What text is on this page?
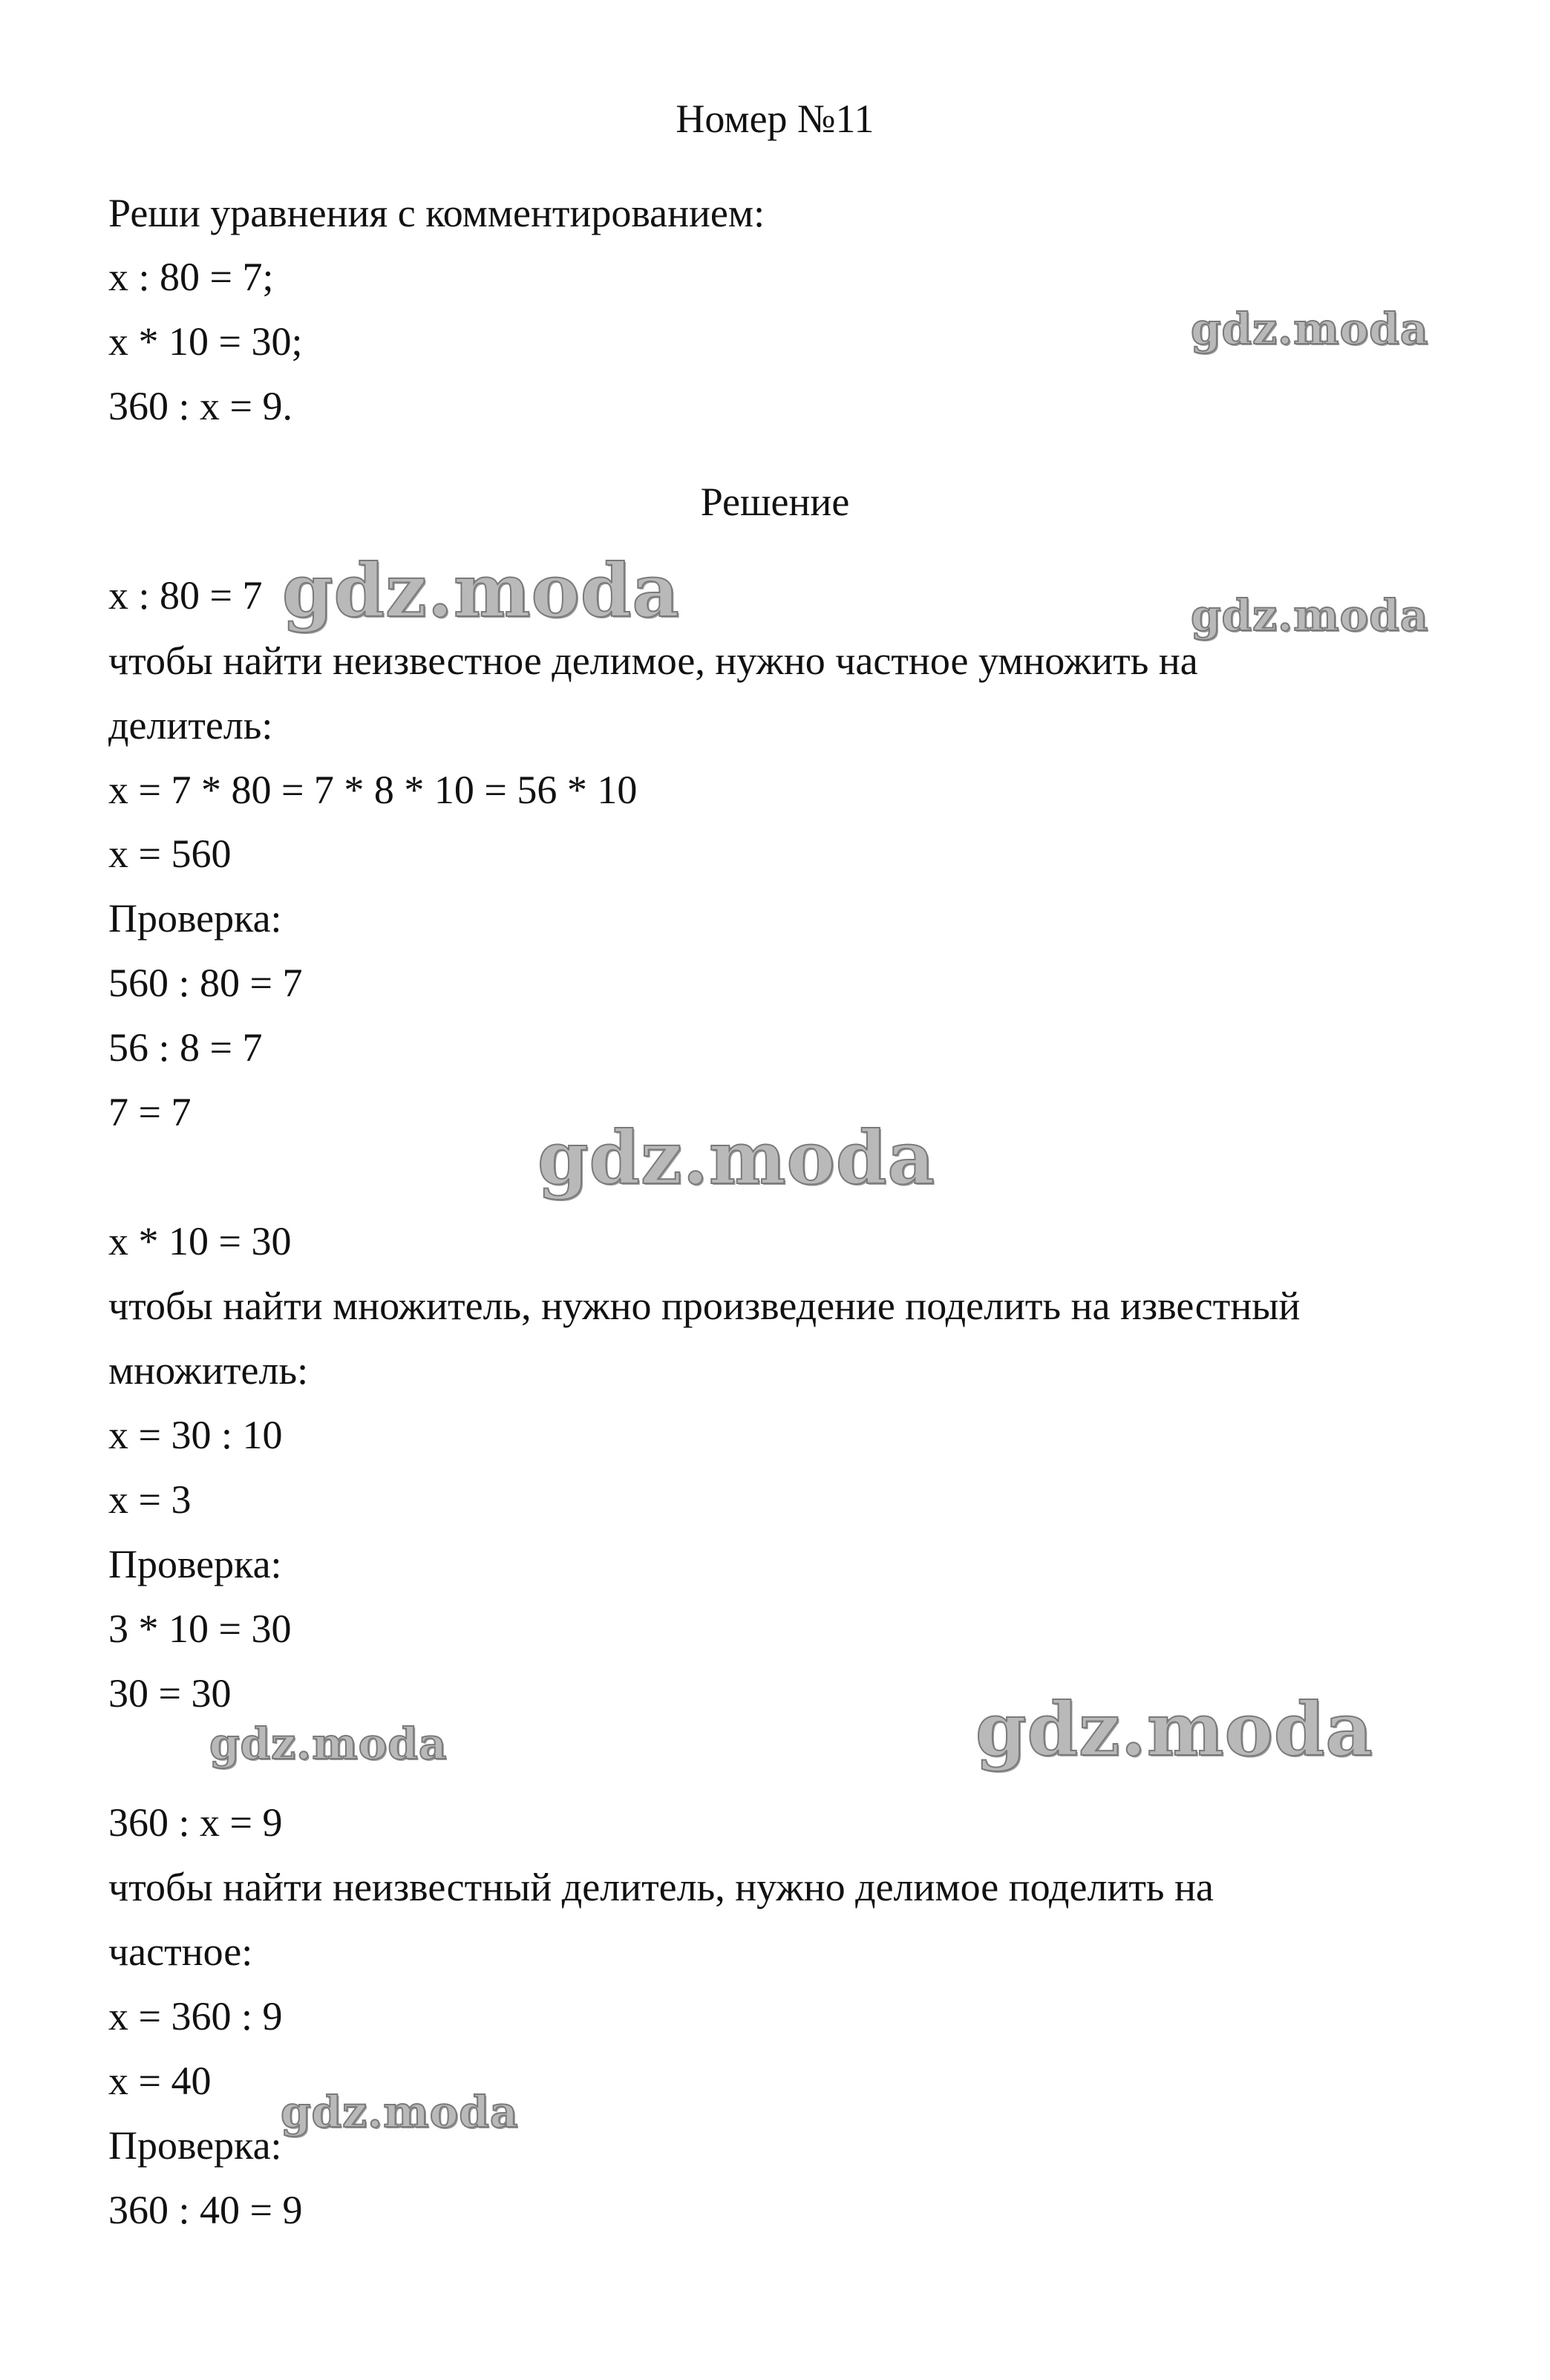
Номер №11
Реши уравнения с комментированием:
x : 80 = 7;
x * 10 = 30;
360 : x = 9.
Решение
x : 80 = 7
чтобы найти неизвестное делимое, нужно частное умножить на
делитель:
x = 7 * 80 = 7 * 8 * 10 = 56 * 10
x = 560
Проверка:
560 : 80 = 7
56 : 8 = 7
7 = 7
x * 10 = 30
чтобы найти множитель, нужно произведение поделить на известный
множитель:
x = 30 : 10
x = 3
Проверка:
3 * 10 = 30
30 = 30
360 : x = 9
чтобы найти неизвестный делитель, нужно делимое поделить на
частное:
x = 360 : 9
x = 40
Проверка:
360 : 40 = 9
gdz.moda
gdz.moda	gdz.moda
gdz.moda
gdz.moda	gdz.moda
gdz.moda
